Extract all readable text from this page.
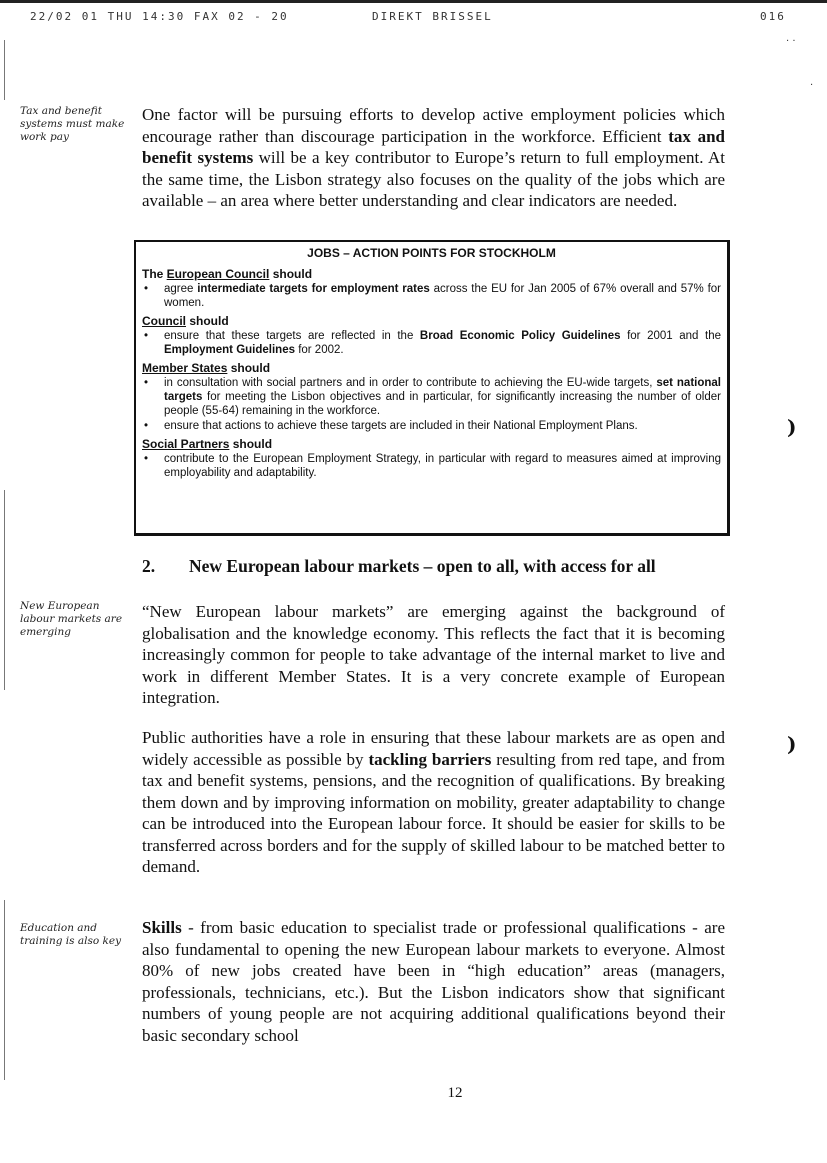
22/02 01 THU 14:30 FAX 02 - 20	DIREKT BRISSEL	016
Tax and benefit systems must make work pay

One factor will be pursuing efforts to develop active employment policies which encourage rather than discourage participation in the workforce. Efficient tax and benefit systems will be a key contributor to Europe’s return to full employment. At the same time, the Lisbon strategy also focuses on the quality of the jobs which are available – an area where better understanding and clear indicators are needed.

JOBS – ACTION POINTS FOR STOCKHOLM
The European Council should
• agree intermediate targets for employment rates across the EU for Jan 2005 of 67% overall and 57% for women.
Council should
• ensure that these targets are reflected in the Broad Economic Policy Guidelines for 2001 and the Employment Guidelines for 2002.
Member States should
• in consultation with social partners and in order to contribute to achieving the EU-wide targets, set national targets for meeting the Lisbon objectives and in particular, for significantly increasing the number of older people (55-64) remaining in the workforce.
• ensure that actions to achieve these targets are included in their National Employment Plans.
Social Partners should
• contribute to the European Employment Strategy, in particular with regard to measures aimed at improving employability and adaptability.
2. New European labour markets – open to all, with access for all
New European labour markets are emerging

“New European labour markets” are emerging against the background of globalisation and the knowledge economy. This reflects the fact that it is becoming increasingly common for people to take advantage of the internal market to live and work in different Member States. It is a very concrete example of European integration.

Public authorities have a role in ensuring that these labour markets are as open and widely accessible as possible by tackling barriers resulting from red tape, and from tax and benefit systems, pensions, and the recognition of qualifications. By breaking them down and by improving information on mobility, greater adaptability to change can be introduced into the European labour force. It should be easier for skills to be transferred across borders and for the supply of skilled labour to be matched better to demand.

Education and training is also key

Skills - from basic education to specialist trade or professional qualifications - are also fundamental to opening the new European labour markets to everyone. Almost 80% of new jobs created have been in “high education” areas (managers, professionals, technicians, etc.). But the Lisbon indicators show that significant numbers of young people are not acquiring additional qualifications beyond their basic secondary school

)
)
· ·
·
12
